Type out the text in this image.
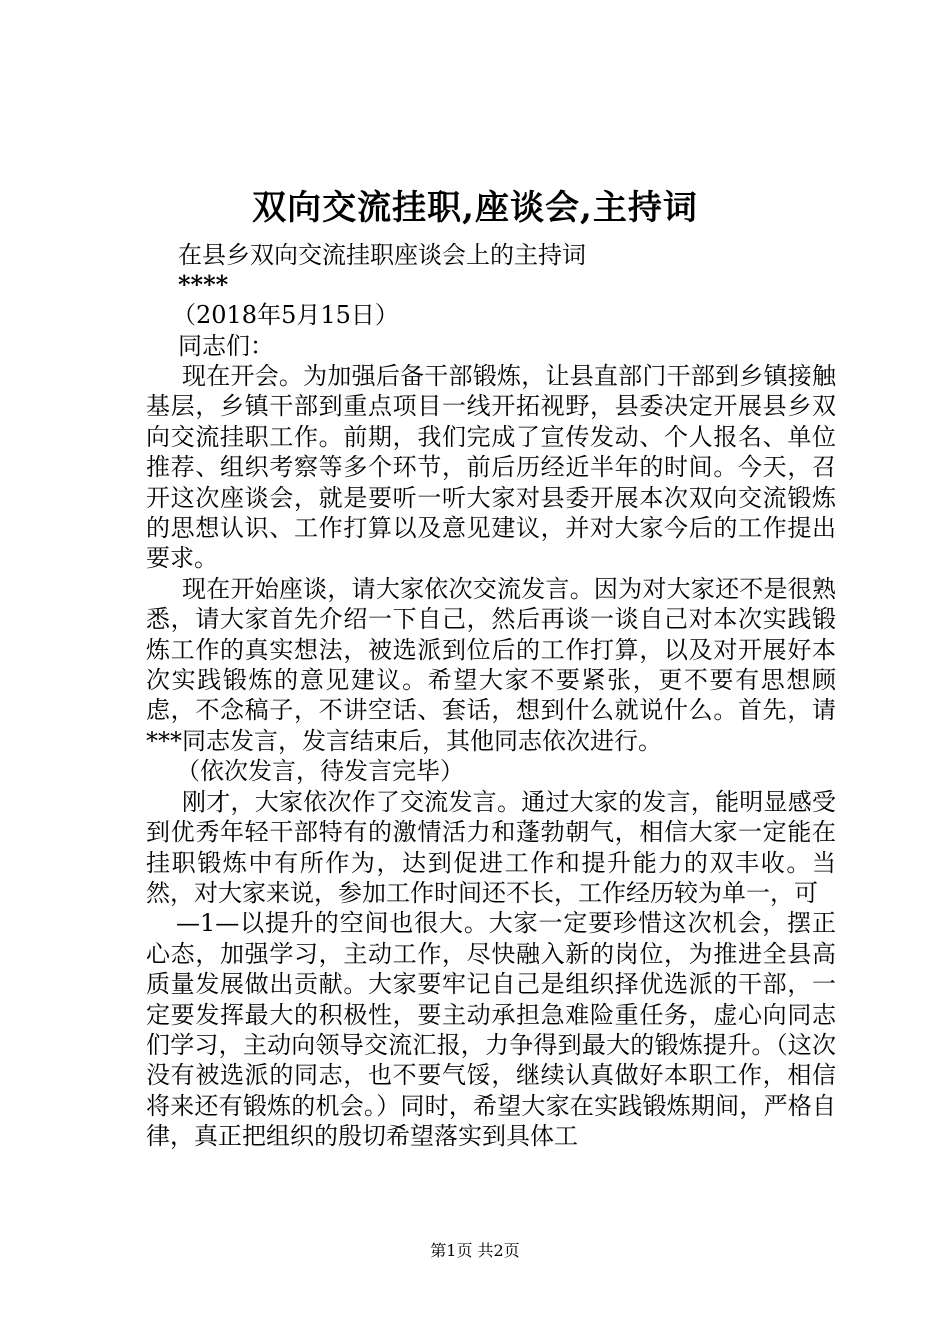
双向交流挂职,座谈会,主持词
在县乡双向交流挂职座谈会上的主持词
****
（2018年5月15日）
同志们：

现在开会。为加强后备干部锻炼，让县直部门干部到乡镇接触基层，乡镇干部到重点项目一线开拓视野，县委决定开展县乡双向交流挂职工作。前期，我们完成了宣传发动、个人报名、单位推荐、组织考察等多个环节，前后历经近半年的时间。今天，召开这次座谈会，就是要听一听大家对县委开展本次双向交流锻炼的思想认识、工作打算以及意见建议，并对大家今后的工作提出要求。

现在开始座谈，请大家依次交流发言。因为对大家还不是很熟悉，请大家首先介绍一下自己，然后再谈一谈自己对本次实践锻炼工作的真实想法，被选派到位后的工作打算，以及对开展好本次实践锻炼的意见建议。希望大家不要紧张，更不要有思想顾虑，不念稿子，不讲空话、套话，想到什么就说什么。首先，请***同志发言，发言结束后，其他同志依次进行。

（依次发言，待发言完毕）

刚才，大家依次作了交流发言。通过大家的发言，能明显感受到优秀年轻干部特有的激情活力和蓬勃朝气，相信大家一定能在挂职锻炼中有所作为，达到促进工作和提升能力的双丰收。当然，对大家来说，参加工作时间还不长，工作经历较为单一，可

—1—以提升的空间也很大。大家一定要珍惜这次机会，摆正心态，加强学习，主动工作，尽快融入新的岗位，为推进全县高质量发展做出贡献。大家要牢记自己是组织择优选派的干部，一定要发挥最大的积极性，要主动承担急难险重任务，虚心向同志们学习，主动向领导交流汇报，力争得到最大的锻炼提升。（这次没有被选派的同志，也不要气馁，继续认真做好本职工作，相信将来还有锻炼的机会。）同时，希望大家在实践锻炼期间，严格自律，真正把组织的殷切希望落实到具体工

第1页 共2页
